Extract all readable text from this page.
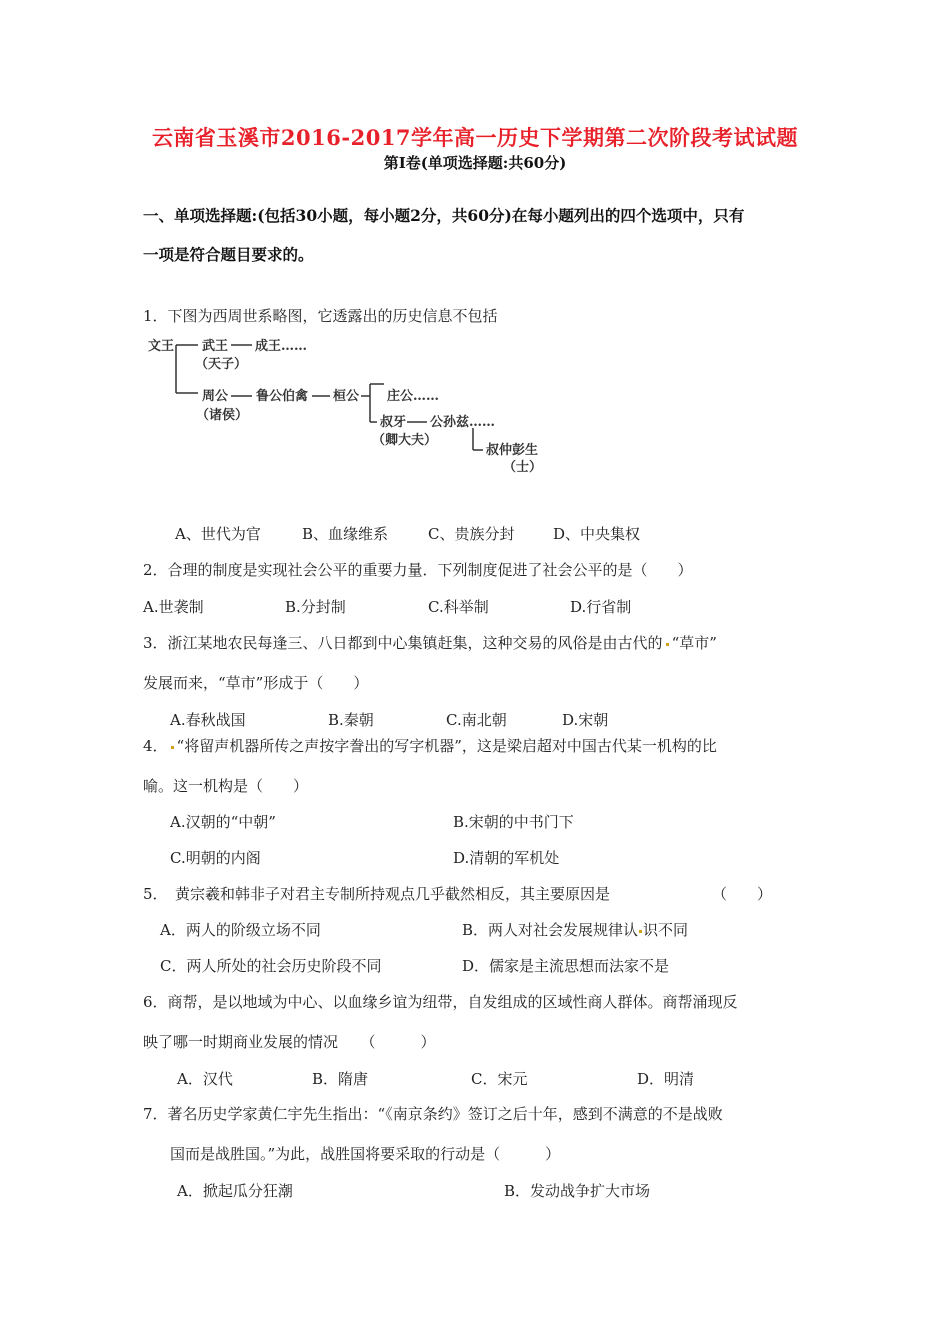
云南省玉溪市2016-2017学年高一历史下学期第二次阶段考试试题
第I卷(单项选择题:共60分)
一、单项选择题:(包括30小题，每小题2分，共60分)在每小题列出的四个选项中，只有
一项是符合题目要求的。
1．下图为西周世系略图，它透露出的历史信息不包括
文王 武王 成王……
（天子）
周公 鲁公伯禽 桓公
（诸侯）
庄公……
叔牙 公孙兹……
（卿大夫）
叔仲彭生
（士）
A、世代为官	B、血缘维系	C、贵族分封	D、中央集权
2．合理的制度是实现社会公平的重要力量．下列制度促进了社会公平的是（　　）
A.世袭制	B.分封制	C.科举制	D.行省制
3．浙江某地农民每逢三、八日都到中心集镇赶集，这种交易的风俗是由古代的 “草市”
发展而来，“草市”形成于（　　）
A.春秋战国	B.秦朝	C.南北朝	D.宋朝
4． “将留声机器所传之声按字誊出的写字机器”，这是梁启超对中国古代某一机构的比
喻。这一机构是（　　）
A.汉朝的“中朝”	B.宋朝的中书门下
C.明朝的内阁	D.清朝的军机处
5．　黄宗羲和韩非子对君主专制所持观点几乎截然相反，其主要原因是	（　　）
A．两人的阶级立场不同	B．两人对社会发展规律认 识不同
C．两人所处的社会历史阶段不同	D．儒家是主流思想而法家不是
6．商帮，是以地域为中心、以血缘乡谊为纽带，自发组成的区域性商人群体。商帮涌现反
映了哪一时期商业发展的情况　　（　　　）
A．汉代	B．隋唐	C．宋元	D．明清
7．著名历史学家黄仁宇先生指出：“《南京条约》签订之后十年，感到不满意的不是战败
国而是战胜国。”为此，战胜国将要采取的行动是（　　　）
A．掀起瓜分狂潮	B．发动战争扩大市场
